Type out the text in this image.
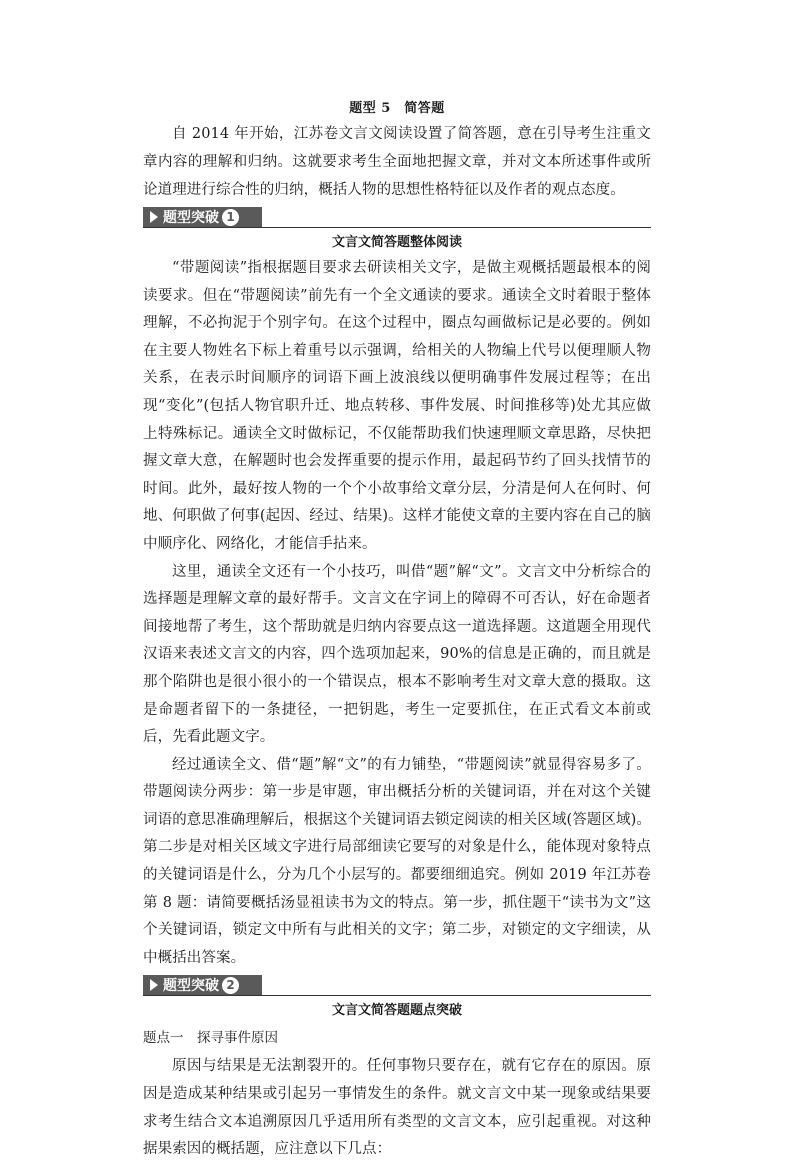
题型 5　简答题

自 2014 年开始，江苏卷文言文阅读设置了简答题，意在引导考生注重文章内容的理解和归纳。这就要求考生全面地把握文章，并对文本所述事件或所论道理进行综合性的归纳，概括人物的思想性格特征以及作者的观点态度。

题型突破 1
文言文简答题整体阅读

“带题阅读”指根据题目要求去研读相关文字，是做主观概括题最根本的阅读要求。但在“带题阅读”前先有一个全文通读的要求。通读全文时着眼于整体理解，不必拘泥于个别字句。在这个过程中，圈点勾画做标记是必要的。例如在主要人物姓名下标上着重号以示强调，给相关的人物编上代号以便理顺人物关系，在表示时间顺序的词语下画上波浪线以便明确事件发展过程等；在出现“变化”(包括人物官职升迁、地点转移、事件发展、时间推移等)处尤其应做上特殊标记。通读全文时做标记，不仅能帮助我们快速理顺文章思路，尽快把握文章大意，在解题时也会发挥重要的提示作用，最起码节约了回头找情节的时间。此外，最好按人物的一个个小故事给文章分层，分清是何人在何时、何地、何职做了何事(起因、经过、结果)。这样才能使文章的主要内容在自己的脑中顺序化、网络化，才能信手拈来。

这里，通读全文还有一个小技巧，叫借“题”解“文”。文言文中分析综合的选择题是理解文章的最好帮手。文言文在字词上的障碍不可否认，好在命题者间接地帮了考生，这个帮助就是归纳内容要点这一道选择题。这道题全用现代汉语来表述文言文的内容，四个选项加起来，90%的信息是正确的，而且就是那个陷阱也是很小很小的一个错误点，根本不影响考生对文章大意的摄取。这是命题者留下的一条捷径，一把钥匙，考生一定要抓住，在正式看文本前或后，先看此题文字。

经过通读全文、借“题”解“文”的有力铺垫，“带题阅读”就显得容易多了。带题阅读分两步：第一步是审题，审出概括分析的关键词语，并在对这个关键词语的意思准确理解后，根据这个关键词语去锁定阅读的相关区域(答题区域)。第二步是对相关区域文字进行局部细读它要写的对象是什么，能体现对象特点的关键词语是什么，分为几个小层写的。都要细细追究。例如 2019 年江苏卷第 8 题：请简要概括汤显祖读书为文的特点。第一步，抓住题干“读书为文”这个关键词语，锁定文中所有与此相关的文字；第二步，对锁定的文字细读，从中概括出答案。

题型突破 2
文言文简答题题点突破
题点一　探寻事件原因

原因与结果是无法割裂开的。任何事物只要存在，就有它存在的原因。原因是造成某种结果或引起另一事情发生的条件。就文言文中某一现象或结果要求考生结合文本追溯原因几乎适用所有类型的文言文本，应引起重视。对这种据果索因的概括题，应注意以下几点：
